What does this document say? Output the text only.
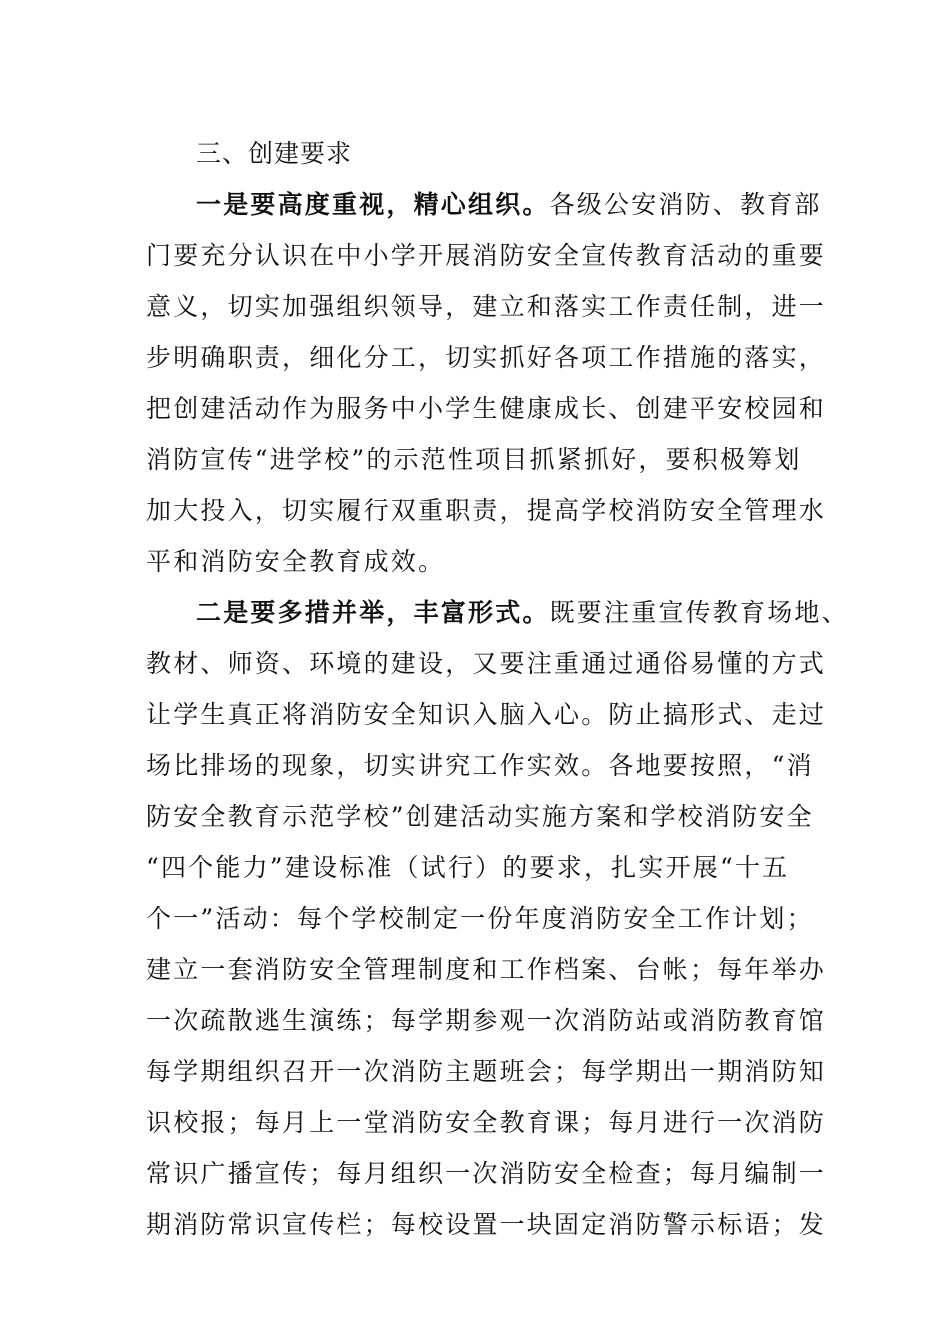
三、创建要求
一是要高度重视，精心组织。各级公安消防、教育部
门要充分认识在中小学开展消防安全宣传教育活动的重要
意义，切实加强组织领导，建立和落实工作责任制，进一
步明确职责，细化分工，切实抓好各项工作措施的落实，
把创建活动作为服务中小学生健康成长、创建平安校园和
消防宣传“进学校”的示范性项目抓紧抓好，要积极筹划
加大投入，切实履行双重职责，提高学校消防安全管理水
平和消防安全教育成效。
二是要多措并举，丰富形式。既要注重宣传教育场地、
教材、师资、环境的建设，又要注重通过通俗易懂的方式
让学生真正将消防安全知识入脑入心。防止搞形式、走过
场比排场的现象，切实讲究工作实效。各地要按照，“消
防安全教育示范学校”创建活动实施方案和学校消防安全
“四个能力”建设标准（试行）的要求，扎实开展“十五
个一”活动：每个学校制定一份年度消防安全工作计划；
建立一套消防安全管理制度和工作档案、台帐；每年举办
一次疏散逃生演练；每学期参观一次消防站或消防教育馆
每学期组织召开一次消防主题班会；每学期出一期消防知
识校报；每月上一堂消防安全教育课；每月进行一次消防
常识广播宣传；每月组织一次消防安全检查；每月编制一
期消防常识宣传栏；每校设置一块固定消防警示标语；发
